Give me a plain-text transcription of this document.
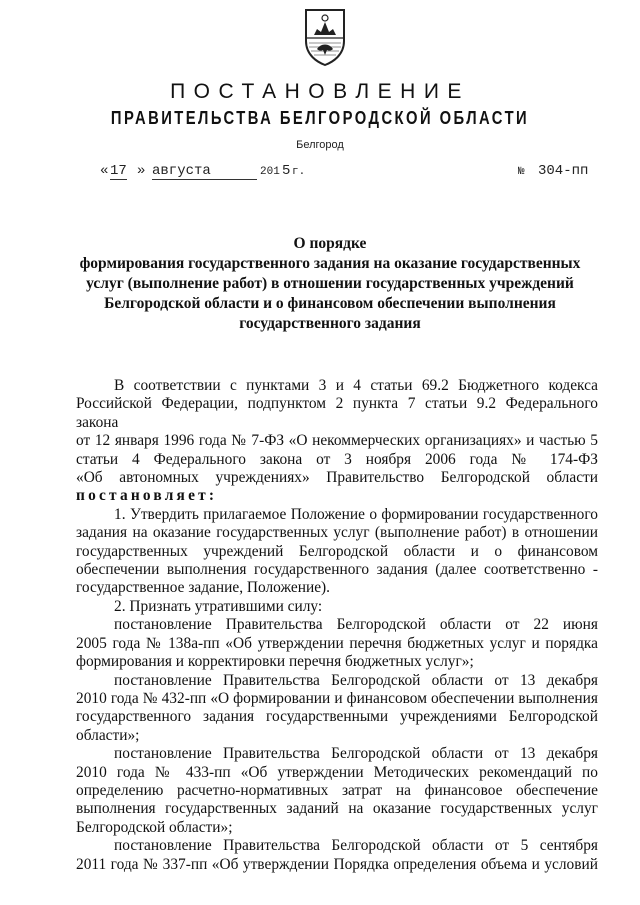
ПОСТАНОВЛЕНИЕ
ПРАВИТЕЛЬСТВА БЕЛГОРОДСКОЙ ОБЛАСТИ
Белгород
« 17 » августа	201 5 г.	№ 304-пп
О порядке
формирования государственного задания на оказание государственных
услуг (выполнение работ) в отношении государственных учреждений
Белгородской области и о финансовом обеспечении выполнения
государственного задания

В соответствии с пунктами 3 и 4 статьи 69.2 Бюджетного кодекса

Российской Федерации, подпунктом 2 пункта 7 статьи 9.2 Федерального закона

от 12 января 1996 года № 7-ФЗ «О некоммерческих организациях» и частью 5

статьи 4 Федерального закона от 3 ноября 2006 года № 174-ФЗ

«Об автономных учреждениях» Правительство Белгородской области

постановляет:

1. Утвердить прилагаемое Положение о формировании государственного

задания на оказание государственных услуг (выполнение работ) в отношении

государственных учреждений Белгородской области и о финансовом

обеспечении выполнения государственного задания (далее соответственно -

государственное задание, Положение).

2. Признать утратившими силу:

постановление Правительства Белгородской области от 22 июня

2005 года № 138а-пп «Об утверждении перечня бюджетных услуг и порядка

формирования и корректировки перечня бюджетных услуг»;

постановление Правительства Белгородской области от 13 декабря

2010 года № 432-пп «О формировании и финансовом обеспечении выполнения

государственного задания государственными учреждениями Белгородской

области»;

постановление Правительства Белгородской области от 13 декабря

2010 года № 433-пп «Об утверждении Методических рекомендаций по

определению расчетно-нормативных затрат на финансовое обеспечение

выполнения государственных заданий на оказание государственных услуг

Белгородской области»;

постановление Правительства Белгородской области от 5 сентября

2011 года № 337-пп «Об утверждении Порядка определения объема и условий
